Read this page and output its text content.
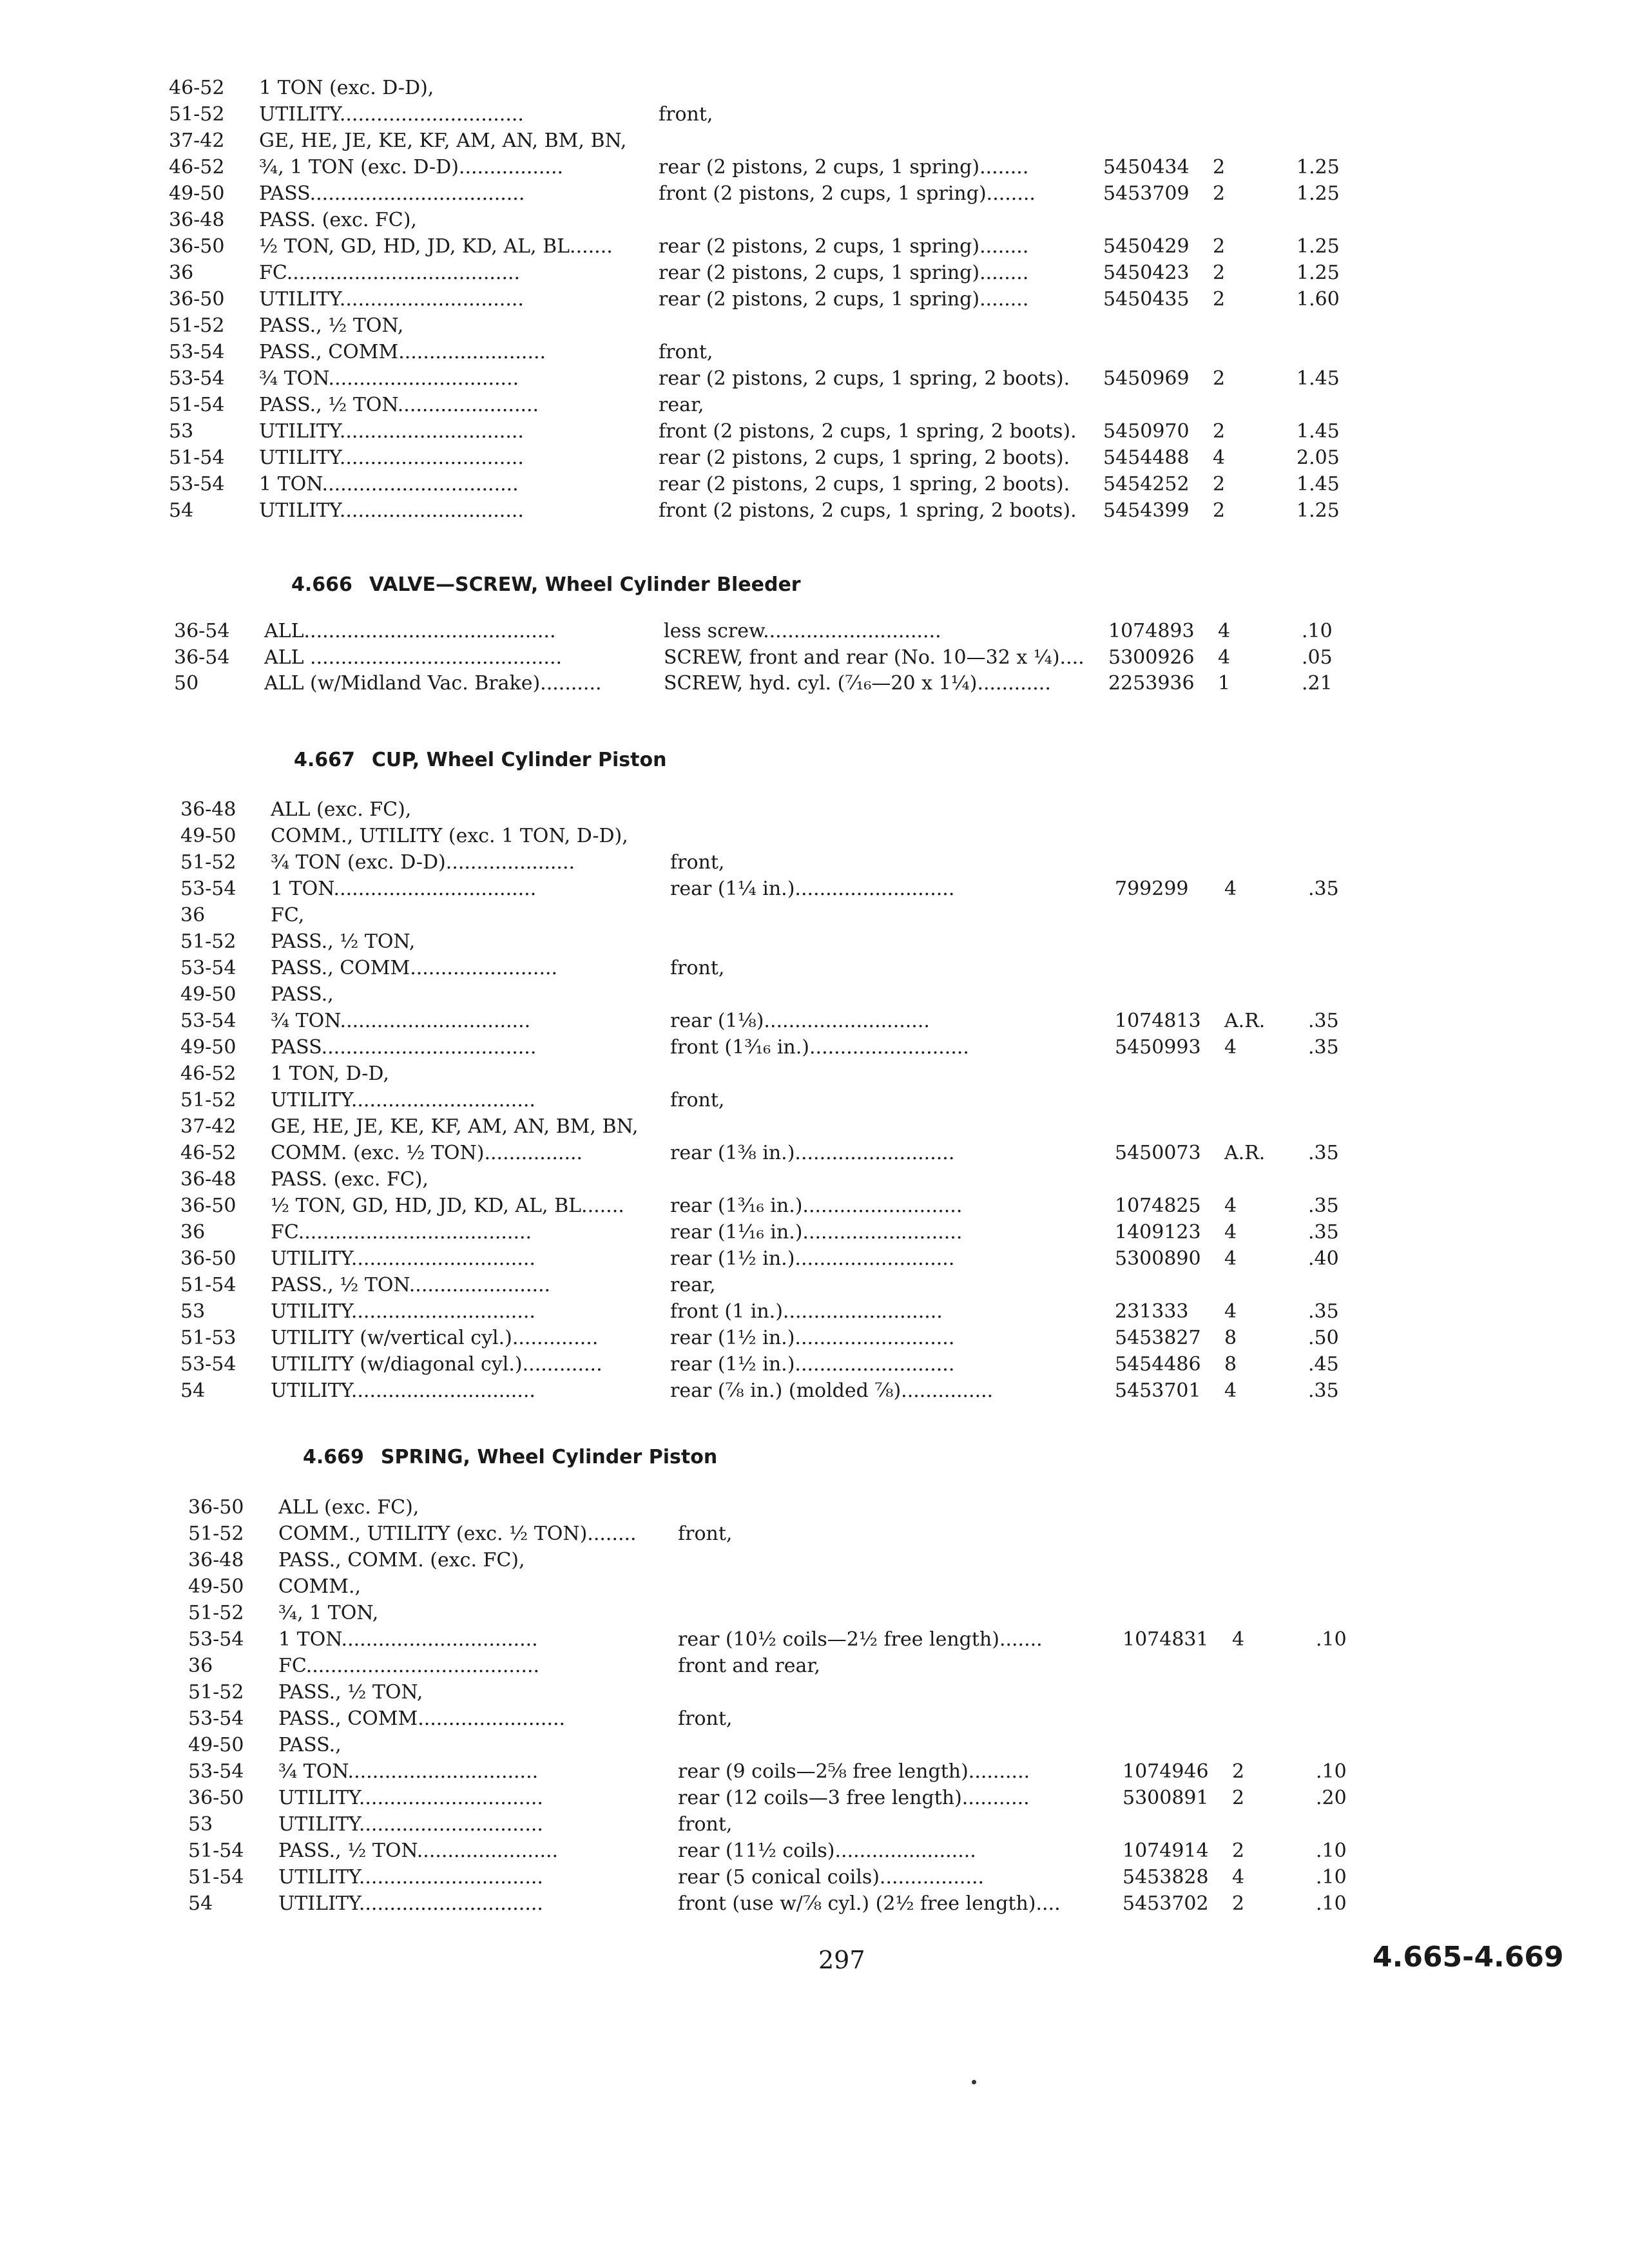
46-52	1 TON (exc. D-D),
51-52	UTILITY..............................	front,
37-42	GE, HE, JE, KE, KF, AM, AN, BM, BN,
46-52	¾, 1 TON (exc. D-D).................	rear (2 pistons, 2 cups, 1 spring)........	5450434	2	1.25
49-50	PASS...................................	front (2 pistons, 2 cups, 1 spring)........	5453709	2	1.25
36-48	PASS. (exc. FC),
36-50	½ TON, GD, HD, JD, KD, AL, BL.......	rear (2 pistons, 2 cups, 1 spring)........	5450429	2	1.25
36	FC......................................	rear (2 pistons, 2 cups, 1 spring)........	5450423	2	1.25
36-50	UTILITY..............................	rear (2 pistons, 2 cups, 1 spring)........	5450435	2	1.60
51-52	PASS., ½ TON,
53-54	PASS., COMM........................	front,
53-54	¾ TON...............................	rear (2 pistons, 2 cups, 1 spring, 2 boots).	5450969	2	1.45
51-54	PASS., ½ TON.......................	rear,
53	UTILITY..............................	front (2 pistons, 2 cups, 1 spring, 2 boots).	5450970	2	1.45
51-54	UTILITY..............................	rear (2 pistons, 2 cups, 1 spring, 2 boots).	5454488	4	2.05
53-54	1 TON................................	rear (2 pistons, 2 cups, 1 spring, 2 boots).	5454252	2	1.45
54	UTILITY..............................	front (2 pistons, 2 cups, 1 spring, 2 boots).	5454399	2	1.25
4.666 VALVE—SCREW, Wheel Cylinder Bleeder
36-54	ALL.........................................	less screw.............................	1074893	4	.10
36-54	ALL .........................................	SCREW, front and rear (No. 10—32 x ¼)....	5300926	4	.05
50	ALL (w/Midland Vac. Brake)..........	SCREW, hyd. cyl. (⁷⁄₁₆—20 x 1¼)............	2253936	1	.21
4.667 CUP, Wheel Cylinder Piston
36-48	ALL (exc. FC),
49-50	COMM., UTILITY (exc. 1 TON, D-D),
51-52	¾ TON (exc. D-D).....................	front,
53-54	1 TON.................................	rear (1¼ in.)..........................	799299	4	.35
36	FC,
51-52	PASS., ½ TON,
53-54	PASS., COMM........................	front,
49-50	PASS.,
53-54	¾ TON...............................	rear (1⅛)...........................	1074813	A.R.	.35
49-50	PASS...................................	front (1³⁄₁₆ in.)..........................	5450993	4	.35
46-52	1 TON, D-D,
51-52	UTILITY..............................	front,
37-42	GE, HE, JE, KE, KF, AM, AN, BM, BN,
46-52	COMM. (exc. ½ TON)................	rear (1⅜ in.)..........................	5450073	A.R.	.35
36-48	PASS. (exc. FC),
36-50	½ TON, GD, HD, JD, KD, AL, BL.......	rear (1³⁄₁₆ in.)..........................	1074825	4	.35
36	FC......................................	rear (1¹⁄₁₆ in.)..........................	1409123	4	.35
36-50	UTILITY..............................	rear (1½ in.)..........................	5300890	4	.40
51-54	PASS., ½ TON.......................	rear,
53	UTILITY..............................	front (1 in.)..........................	231333	4	.35
51-53	UTILITY (w/vertical cyl.)..............	rear (1½ in.)..........................	5453827	8	.50
53-54	UTILITY (w/diagonal cyl.).............	rear (1½ in.)..........................	5454486	8	.45
54	UTILITY..............................	rear (⅞ in.) (molded ⅞)...............	5453701	4	.35
4.669 SPRING, Wheel Cylinder Piston
36-50	ALL (exc. FC),
51-52	COMM., UTILITY (exc. ½ TON)........	front,
36-48	PASS., COMM. (exc. FC),
49-50	COMM.,
51-52	¾, 1 TON,
53-54	1 TON................................	rear (10½ coils—2½ free length).......	1074831	4	.10
36	FC......................................	front and rear,
51-52	PASS., ½ TON,
53-54	PASS., COMM........................	front,
49-50	PASS.,
53-54	¾ TON...............................	rear (9 coils—2⅝ free length)..........	1074946	2	.10
36-50	UTILITY..............................	rear (12 coils—3 free length)...........	5300891	2	.20
53	UTILITY..............................	front,
51-54	PASS., ½ TON.......................	rear (11½ coils).......................	1074914	2	.10
51-54	UTILITY..............................	rear (5 conical coils).................	5453828	4	.10
54	UTILITY..............................	front (use w/⅞ cyl.) (2½ free length)....	5453702	2	.10
297	4.665-4.669
